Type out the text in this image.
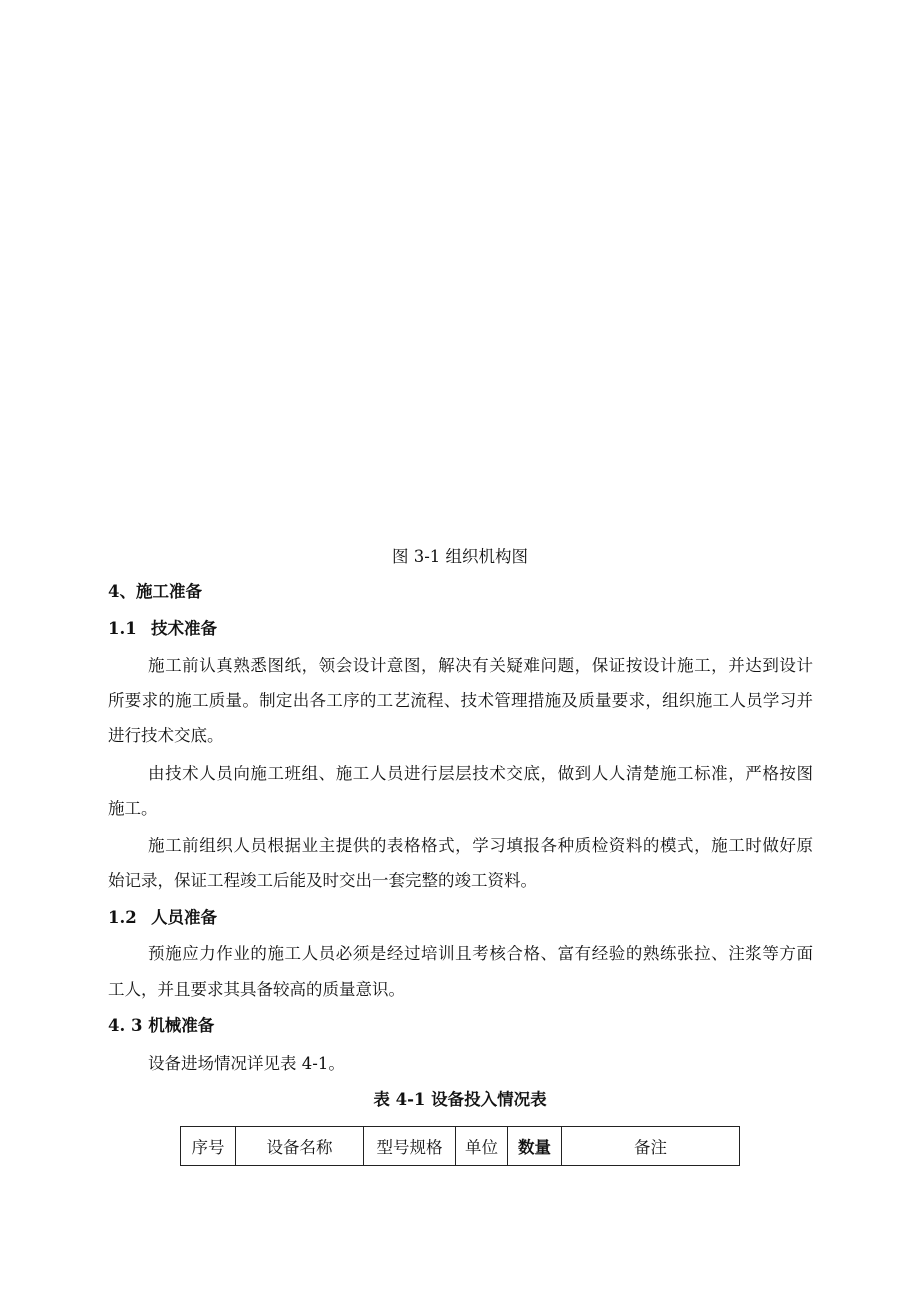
图 3-1 组织机构图
4、施工准备
1.1 技术准备
施工前认真熟悉图纸，领会设计意图，解决有关疑难问题，保证按设计施工，并达到设计
所要求的施工质量。制定出各工序的工艺流程、技术管理措施及质量要求，组织施工人员学习并
进行技术交底。
由技术人员向施工班组、施工人员进行层层技术交底，做到人人清楚施工标准，严格按图
施工。
施工前组织人员根据业主提供的表格格式，学习填报各种质检资料的模式，施工时做好原
始记录，保证工程竣工后能及时交出一套完整的竣工资料。
1.2 人员准备
预施应力作业的施工人员必须是经过培训且考核合格、富有经验的熟练张拉、注浆等方面
工人，并且要求其具备较高的质量意识。
4. 3 机械准备
设备进场情况详见表 4-1。
表 4-1 设备投入情况表
序号	设备名称	型号规格	单位	数量	备注
